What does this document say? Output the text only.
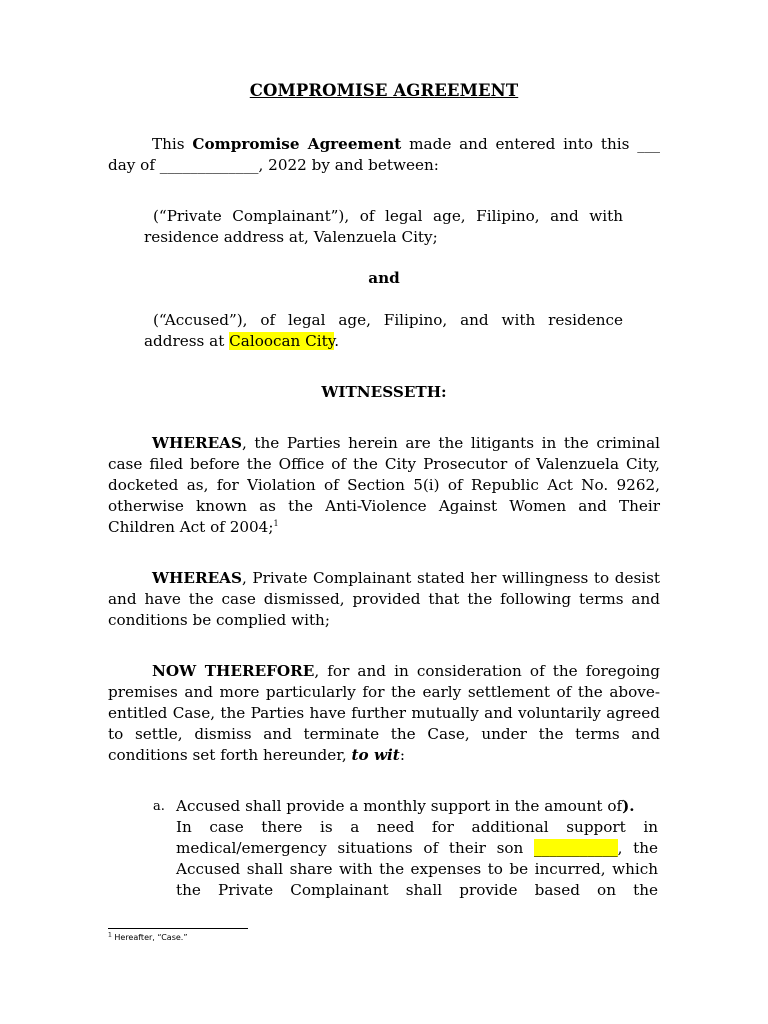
COMPROMISE AGREEMENT
This Compromise Agreement made and entered into this ___
day of _____________, 2022 by and between:
(“Private Complainant”), of legal age, Filipino, and with
residence address at, Valenzuela City;
and
(“Accused”), of legal age, Filipino, and with residence
address at Caloocan City.
WITNESSETH:
WHEREAS, the Parties herein are the litigants in the criminal
case filed before the Office of the City Prosecutor of Valenzuela City,
docketed as, for Violation of Section 5(i) of Republic Act No. 9262,
otherwise known as the Anti-Violence Against Women and Their
Children Act of 2004;$^1$
WHEREAS, Private Complainant stated her willingness to desist
and have the case dismissed, provided that the following terms and
conditions be complied with;
NOW THEREFORE, for and in consideration of the foregoing
premises and more particularly for the early settlement of the above-
entitled Case, the Parties have further mutually and voluntarily agreed
to settle, dismiss and terminate the Case, under the terms and
conditions set forth hereunder, to wit:
a. Accused shall provide a monthly support in the amount of).
In case there is a need for additional support in
medical/emergency situations of their son ___________, the
Accused shall share with the expenses to be incurred, which
the Private Complainant shall provide based on the
$^1$ Hereafter, “Case.”
